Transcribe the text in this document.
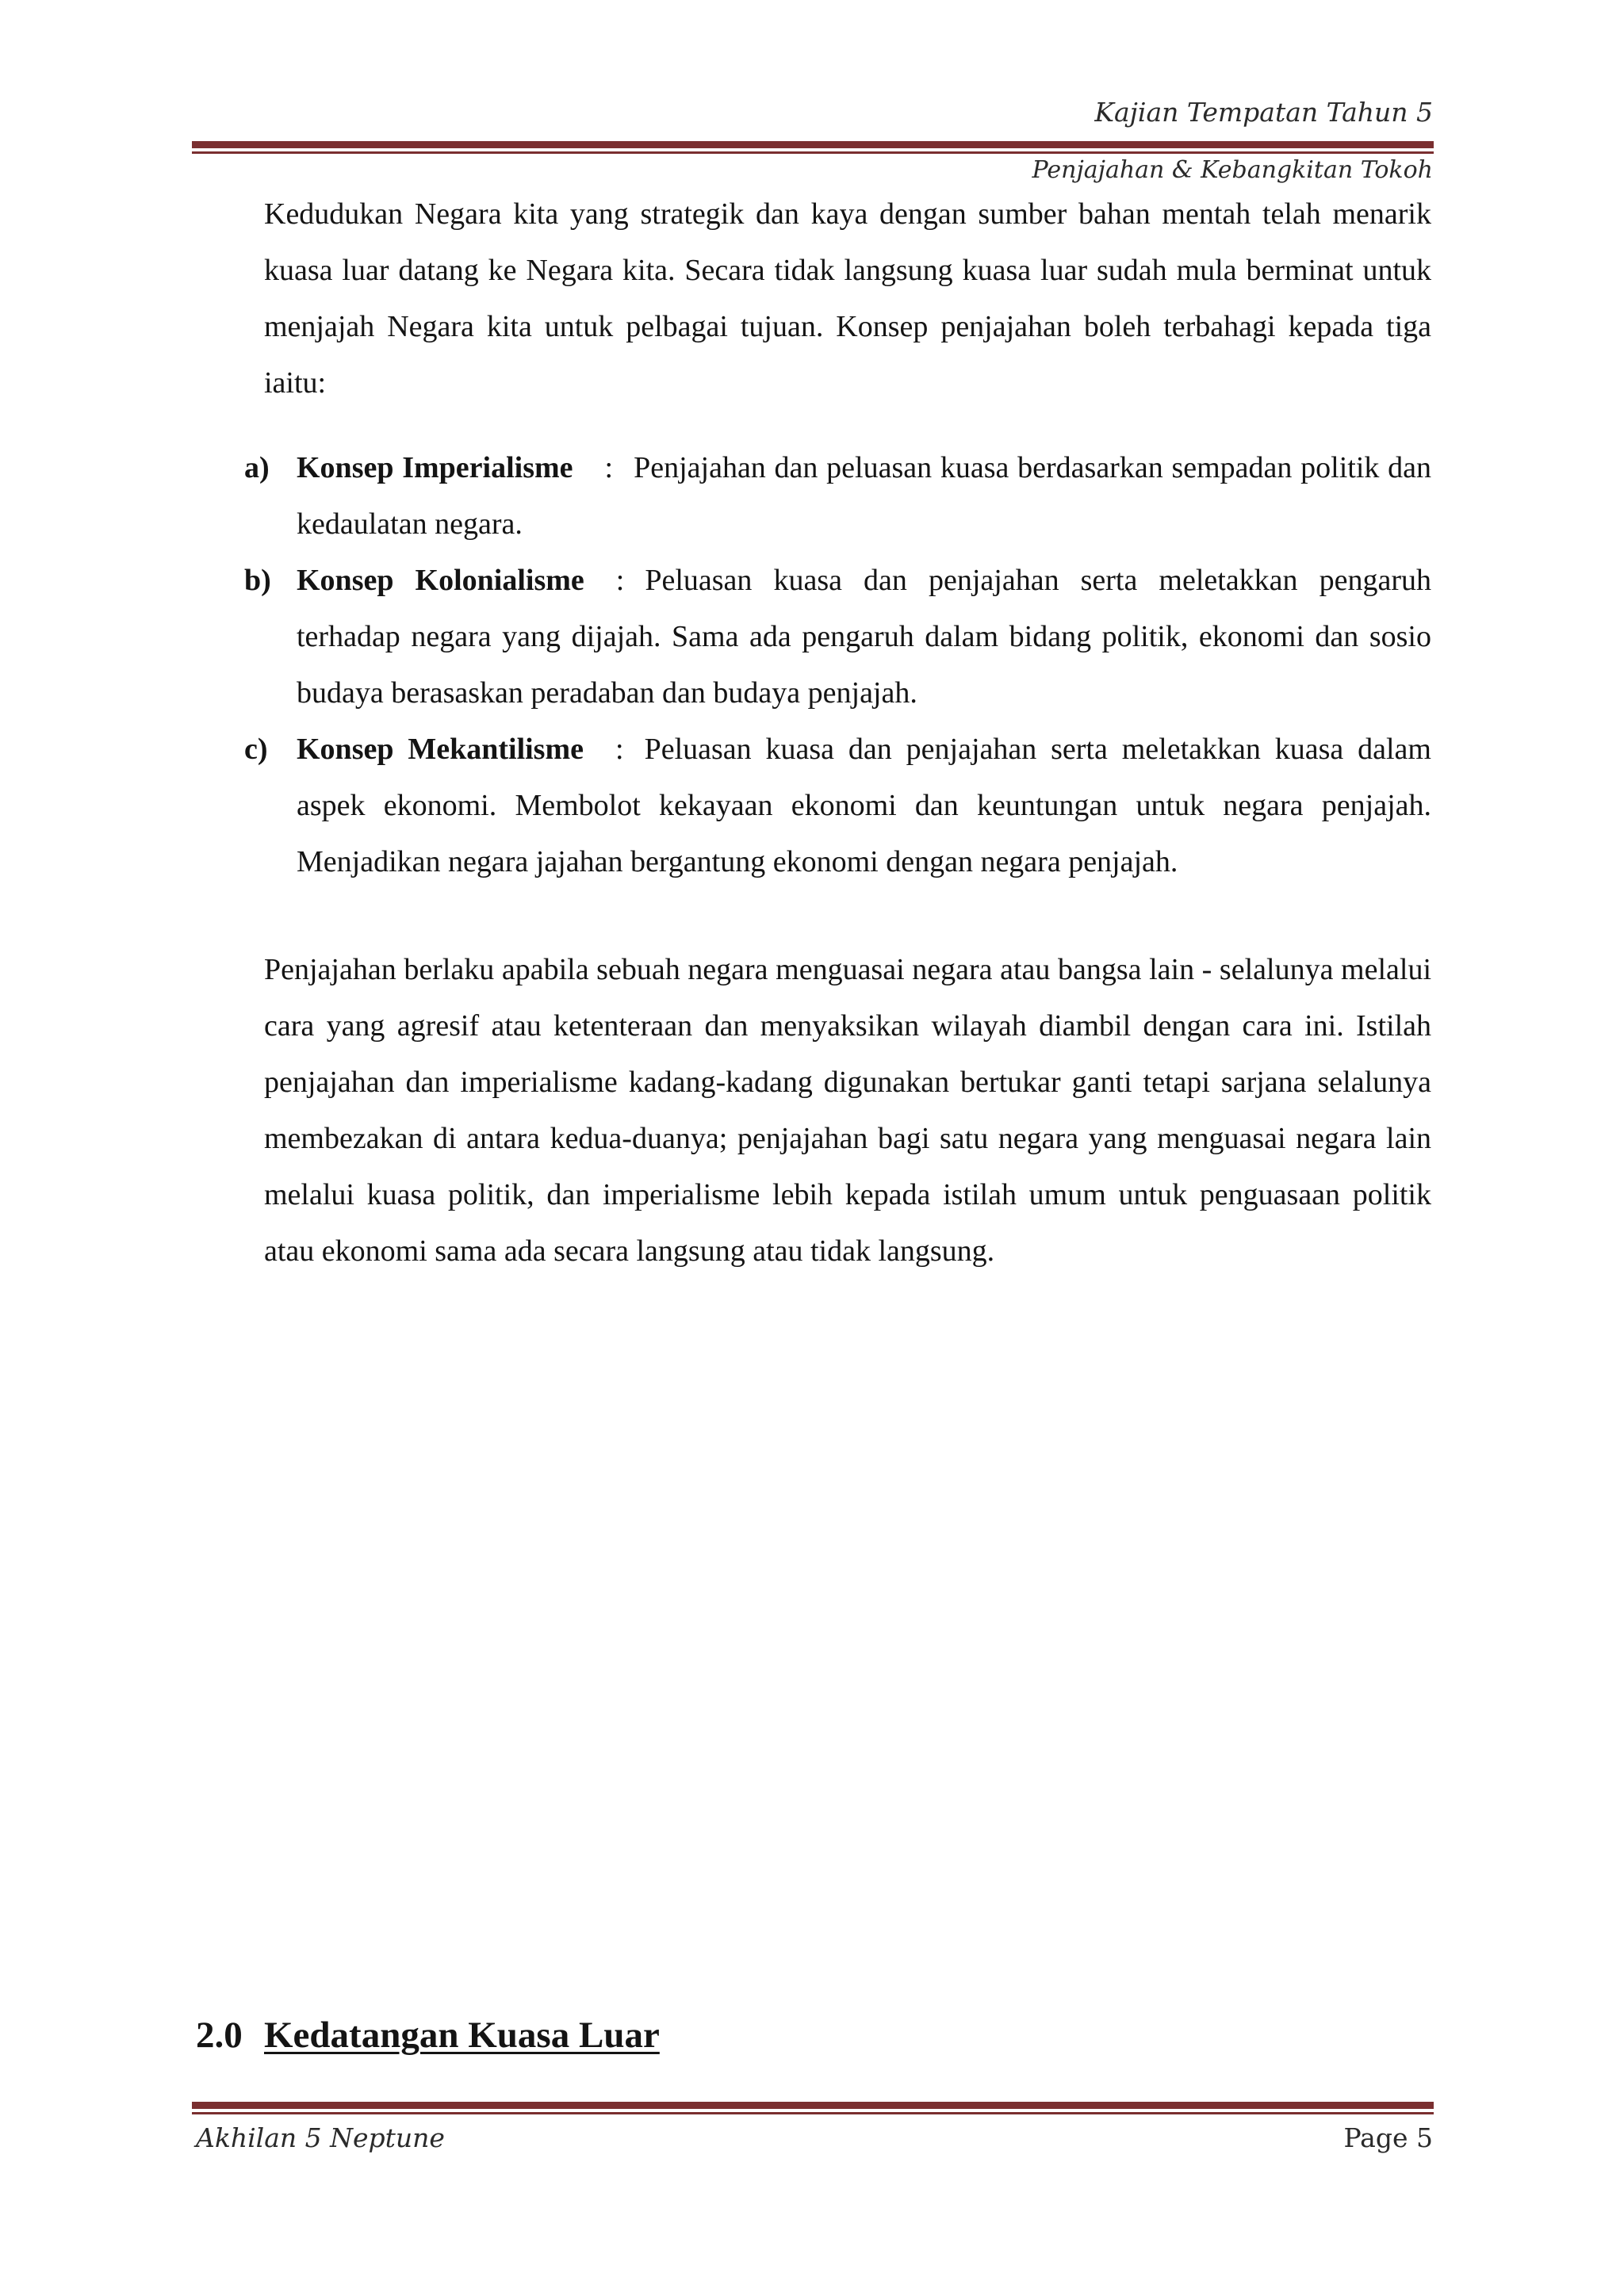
Kajian Tempatan Tahun 5
Penjajahan & Kebangkitan Tokoh

Kedudukan Negara kita yang strategik dan kaya dengan sumber bahan mentah telah menarik kuasa luar datang ke Negara kita. Secara tidak langsung kuasa luar sudah mula berminat untuk menjajah Negara kita untuk pelbagai tujuan. Konsep penjajahan boleh terbahagi kepada tiga iaitu:

a) Konsep Imperialisme : Penjajahan dan peluasan kuasa berdasarkan sempadan politik dan kedaulatan negara.
b) Konsep Kolonialisme : Peluasan kuasa dan penjajahan serta meletakkan pengaruh terhadap negara yang dijajah. Sama ada pengaruh dalam bidang politik, ekonomi dan sosio budaya berasaskan peradaban dan budaya penjajah.
c) Konsep Mekantilisme : Peluasan kuasa dan penjajahan serta meletakkan kuasa dalam aspek ekonomi. Membolot kekayaan ekonomi dan keuntungan untuk negara penjajah. Menjadikan negara jajahan bergantung ekonomi dengan negara penjajah.

Penjajahan berlaku apabila sebuah negara menguasai negara atau bangsa lain - selalunya melalui cara yang agresif atau ketenteraan dan menyaksikan wilayah diambil dengan cara ini. Istilah penjajahan dan imperialisme kadang-kadang digunakan bertukar ganti tetapi sarjana selalunya membezakan di antara kedua-duanya; penjajahan bagi satu negara yang menguasai negara lain melalui kuasa politik, dan imperialisme lebih kepada istilah umum untuk penguasaan politik atau ekonomi sama ada secara langsung atau tidak langsung.

2.0 Kedatangan Kuasa Luar
Akhilan 5 Neptune	Page 5
